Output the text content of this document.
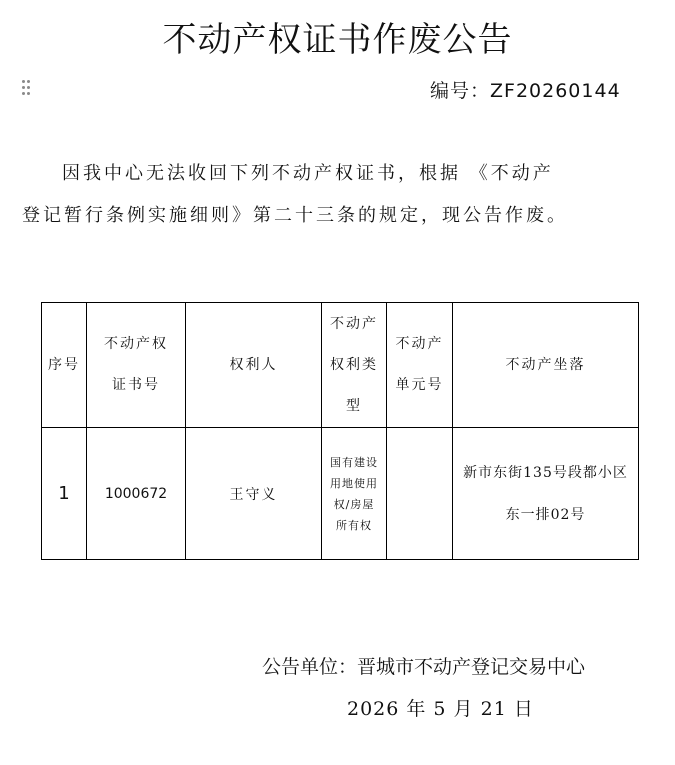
不动产权证书作废公告
编号：ZF20260144
因我中心无法收回下列不动产权证书，根据 《不动产
登记暂行条例实施细则》第二十三条的规定，现公告作废。
序号	不动产权证书号	权利人	不动产权利类型	不动产单元号	不动产坐落
1	1000672	王守义	国有建设用地使用权/房屋所有权		新市东街135号段都小区东一排02号
公告单位：晋城市不动产登记交易中心
2026 年 5 月 21 日
